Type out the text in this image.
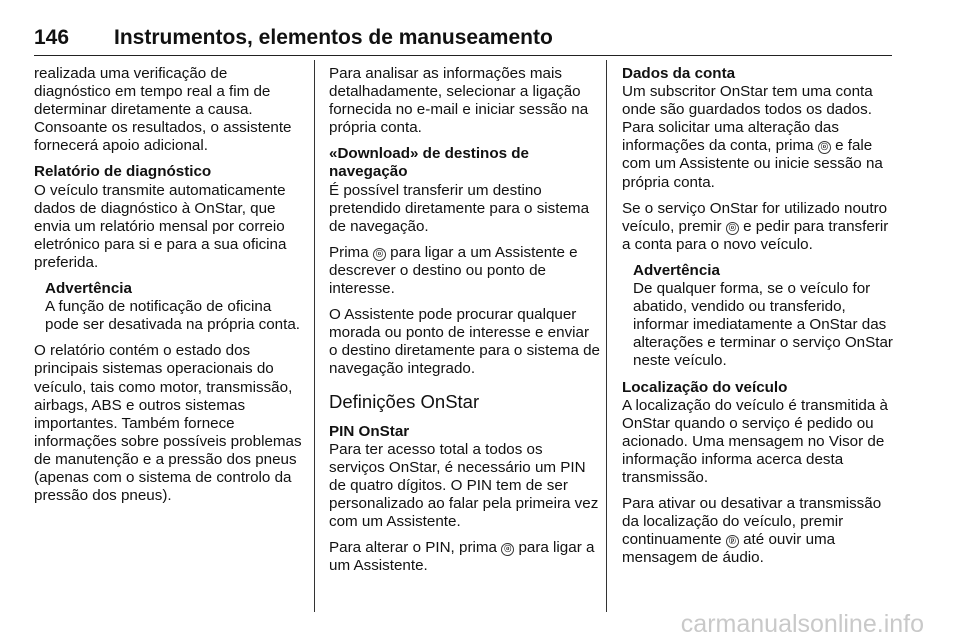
146 Instrumentos, elementos de manuseamento

realizada uma verificação de diagnóstico em tempo real a fim de determinar diretamente a causa. Consoante os resultados, o assistente fornecerá apoio adicional.

Relatório de diagnóstico

O veículo transmite automaticamente dados de diagnóstico à OnStar, que envia um relatório mensal por correio eletrónico para si e para a sua oficina preferida.

Advertência
A função de notificação de oficina pode ser desativada na própria conta.

O relatório contém o estado dos principais sistemas operacionais do veículo, tais como motor, transmissão, airbags, ABS e outros sistemas importantes. Também fornece informações sobre possíveis problemas de manutenção e a pressão dos pneus (apenas com o sistema de controlo da pressão dos pneus).

Para analisar as informações mais detalhadamente, selecionar a ligação fornecida no e-mail e iniciar sessão na própria conta.

«Download» de destinos de navegação

É possível transferir um destino pretendido diretamente para o sistema de navegação.

Prima ⓞ para ligar a um Assistente e descrever o destino ou ponto de interesse.

O Assistente pode procurar qualquer morada ou ponto de interesse e enviar o destino diretamente para o sistema de navegação integrado.

Definições OnStar

PIN OnStar

Para ter acesso total a todos os serviços OnStar, é necessário um PIN de quatro dígitos. O PIN tem de ser personalizado ao falar pela primeira vez com um Assistente.

Para alterar o PIN, prima ⓞ para ligar a um Assistente.

Dados da conta

Um subscritor OnStar tem uma conta onde são guardados todos os dados. Para solicitar uma alteração das informações da conta, prima ⓞ e fale com um Assistente ou inicie sessão na própria conta.

Se o serviço OnStar for utilizado noutro veículo, premir ⓞ e pedir para transferir a conta para o novo veículo.

Advertência
De qualquer forma, se o veículo for abatido, vendido ou transferido, informar imediatamente a OnStar das alterações e terminar o serviço OnStar neste veículo.

Localização do veículo

A localização do veículo é transmitida à OnStar quando o serviço é pedido ou acionado. Uma mensagem no Visor de informação informa acerca desta transmissão.

Para ativar ou desativar a transmissão da localização do veículo, premir continuamente ⓟ até ouvir uma mensagem de áudio.

carmanualsonline.info
